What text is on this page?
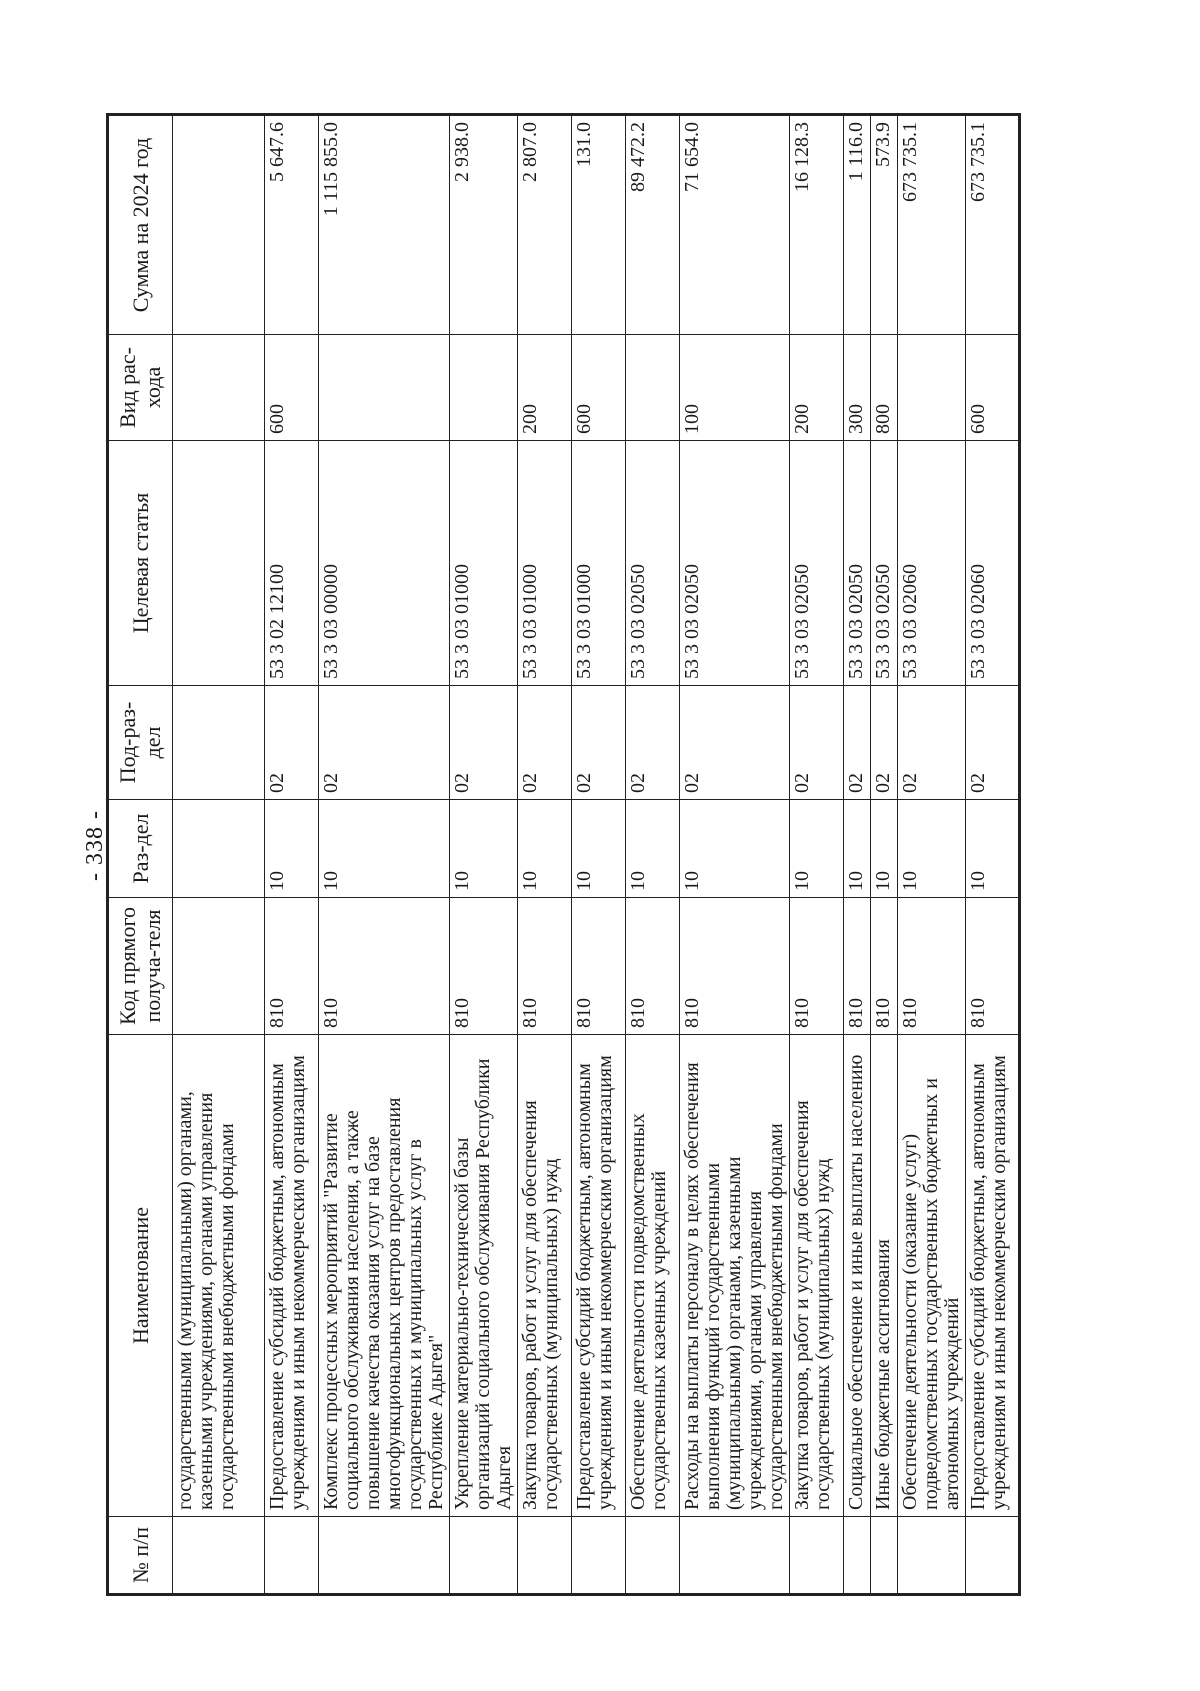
- 338 -
№ п/п	Наименование	Код прямого получа-теля	Раз-дел	Под-раз-дел	Целевая статья	Вид рас-хода	Сумма на 2024 год
	государственными (муниципальными) органами, казенными учреждениями, органами управления государственными внебюджетными фондами						
	Предоставление субсидий бюджетным, автономным учреждениям и иным некоммерческим организациям	810	10	02	53 3 02 12100	600	5 647.6
	Комплекс процессных мероприятий "Развитие социального обслуживания населения, а также повышение качества оказания услуг на базе многофункциональных центров предоставления государственных и муниципальных услуг в Республике Адыгея"	810	10	02	53 3 03 00000		1 115 855.0
	Укрепление материально-технической базы организаций социального обслуживания Республики Адыгея	810	10	02	53 3 03 01000		2 938.0
	Закупка товаров, работ и услуг для обеспечения государственных (муниципальных) нужд	810	10	02	53 3 03 01000	200	2 807.0
	Предоставление субсидий бюджетным, автономным учреждениям и иным некоммерческим организациям	810	10	02	53 3 03 01000	600	131.0
	Обеспечение деятельности подведомственных государственных казенных учреждений	810	10	02	53 3 03 02050		89 472.2
	Расходы на выплаты персоналу в целях обеспечения выполнения функций государственными (муниципальными) органами, казенными учреждениями, органами управления государственными внебюджетными фондами	810	10	02	53 3 03 02050	100	71 654.0
	Закупка товаров, работ и услуг для обеспечения государственных (муниципальных) нужд	810	10	02	53 3 03 02050	200	16 128.3
	Социальное обеспечение и иные выплаты населению	810	10	02	53 3 03 02050	300	1 116.0
	Иные бюджетные ассигнования	810	10	02	53 3 03 02050	800	573.9
	Обеспечение деятельности (оказание услуг) подведомственных государственных бюджетных и автономных учреждений	810	10	02	53 3 03 02060		673 735.1
	Предоставление субсидий бюджетным, автономным учреждениям и иным некоммерческим организациям	810	10	02	53 3 03 02060	600	673 735.1
